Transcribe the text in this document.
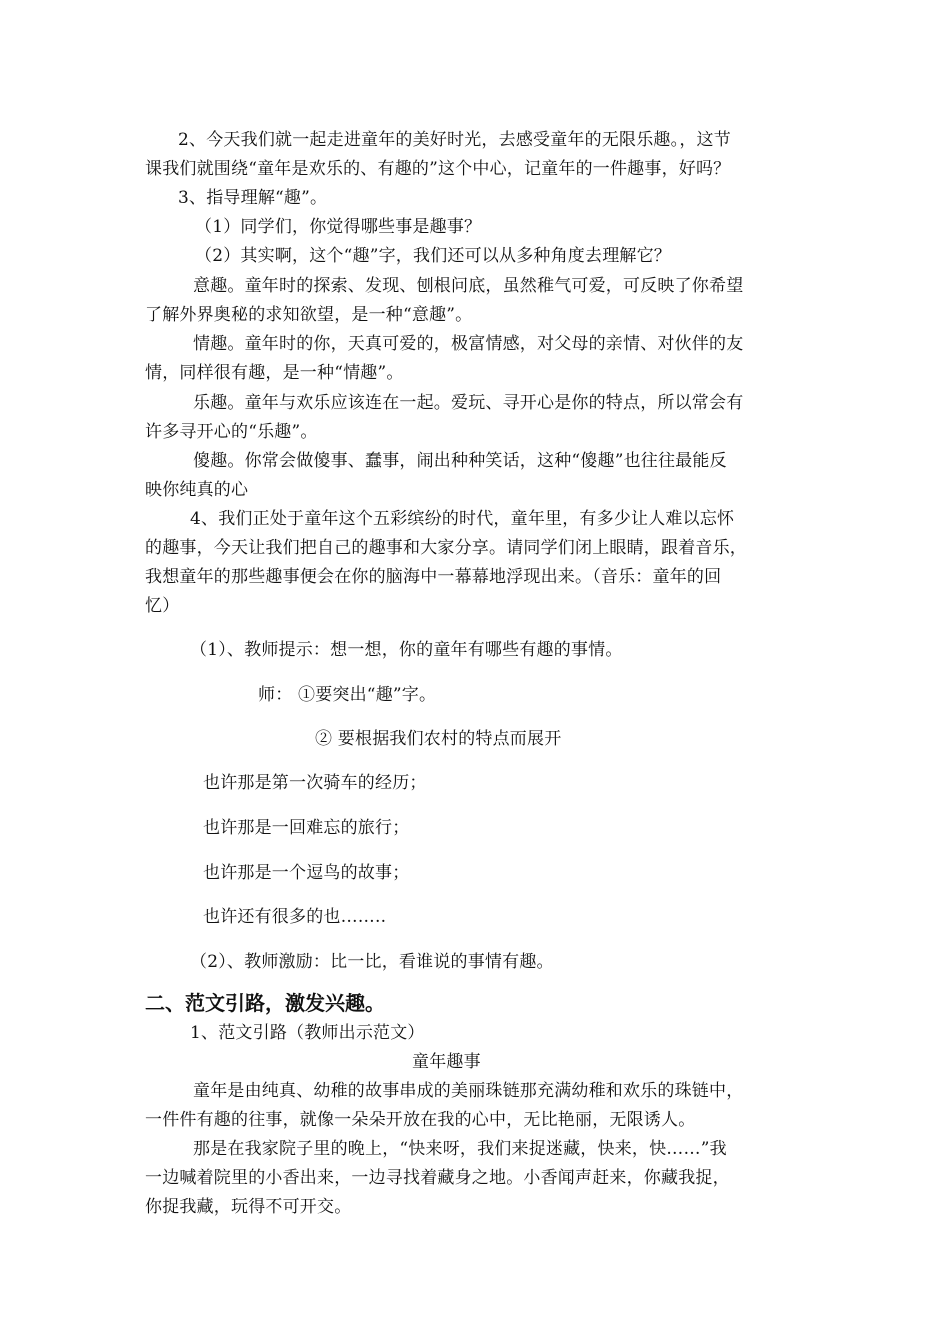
2、今天我们就一起走进童年的美好时光，去感受童年的无限乐趣。，这节
课我们就围绕“童年是欢乐的、有趣的”这个中心，记童年的一件趣事，好吗？
3、指导理解“趣”。
（1）同学们，你觉得哪些事是趣事？
（2）其实啊，这个“趣”字，我们还可以从多种角度去理解它？
意趣。童年时的探索、发现、刨根问底，虽然稚气可爱，可反映了你希望
了解外界奥秘的求知欲望，是一种“意趣”。
情趣。童年时的你，天真可爱的，极富情感，对父母的亲情、对伙伴的友
情，同样很有趣，是一种“情趣”。
乐趣。童年与欢乐应该连在一起。爱玩、寻开心是你的特点，所以常会有
许多寻开心的“乐趣”。
傻趣。你常会做傻事、蠢事，闹出种种笑话，这种“傻趣”也往往最能反
映你纯真的心
4、我们正处于童年这个五彩缤纷的时代，童年里，有多少让人难以忘怀
的趣事，今天让我们把自己的趣事和大家分享。请同学们闭上眼睛，跟着音乐，
我想童年的那些趣事便会在你的脑海中一幕幕地浮现出来。（音乐：童年的回
忆）
（1）、教师提示：想一想，你的童年有哪些有趣的事情。
师： ①要突出“趣”字。
② 要根据我们农村的特点而展开
也许那是第一次骑车的经历；
也许那是一回难忘的旅行；
也许那是一个逗鸟的故事；
也许还有很多的也……..
（2）、教师激励：比一比，看谁说的事情有趣。
二、范文引路，激发兴趣。
1、范文引路（教师出示范文）
童年趣事
童年是由纯真、幼稚的故事串成的美丽珠链那充满幼稚和欢乐的珠链中，
一件件有趣的往事，就像一朵朵开放在我的心中，无比艳丽，无限诱人。
那是在我家院子里的晚上，“快来呀，我们来捉迷藏，快来，快……”我
一边喊着院里的小香出来，一边寻找着藏身之地。小香闻声赶来，你藏我捉，
你捉我藏，玩得不可开交。
